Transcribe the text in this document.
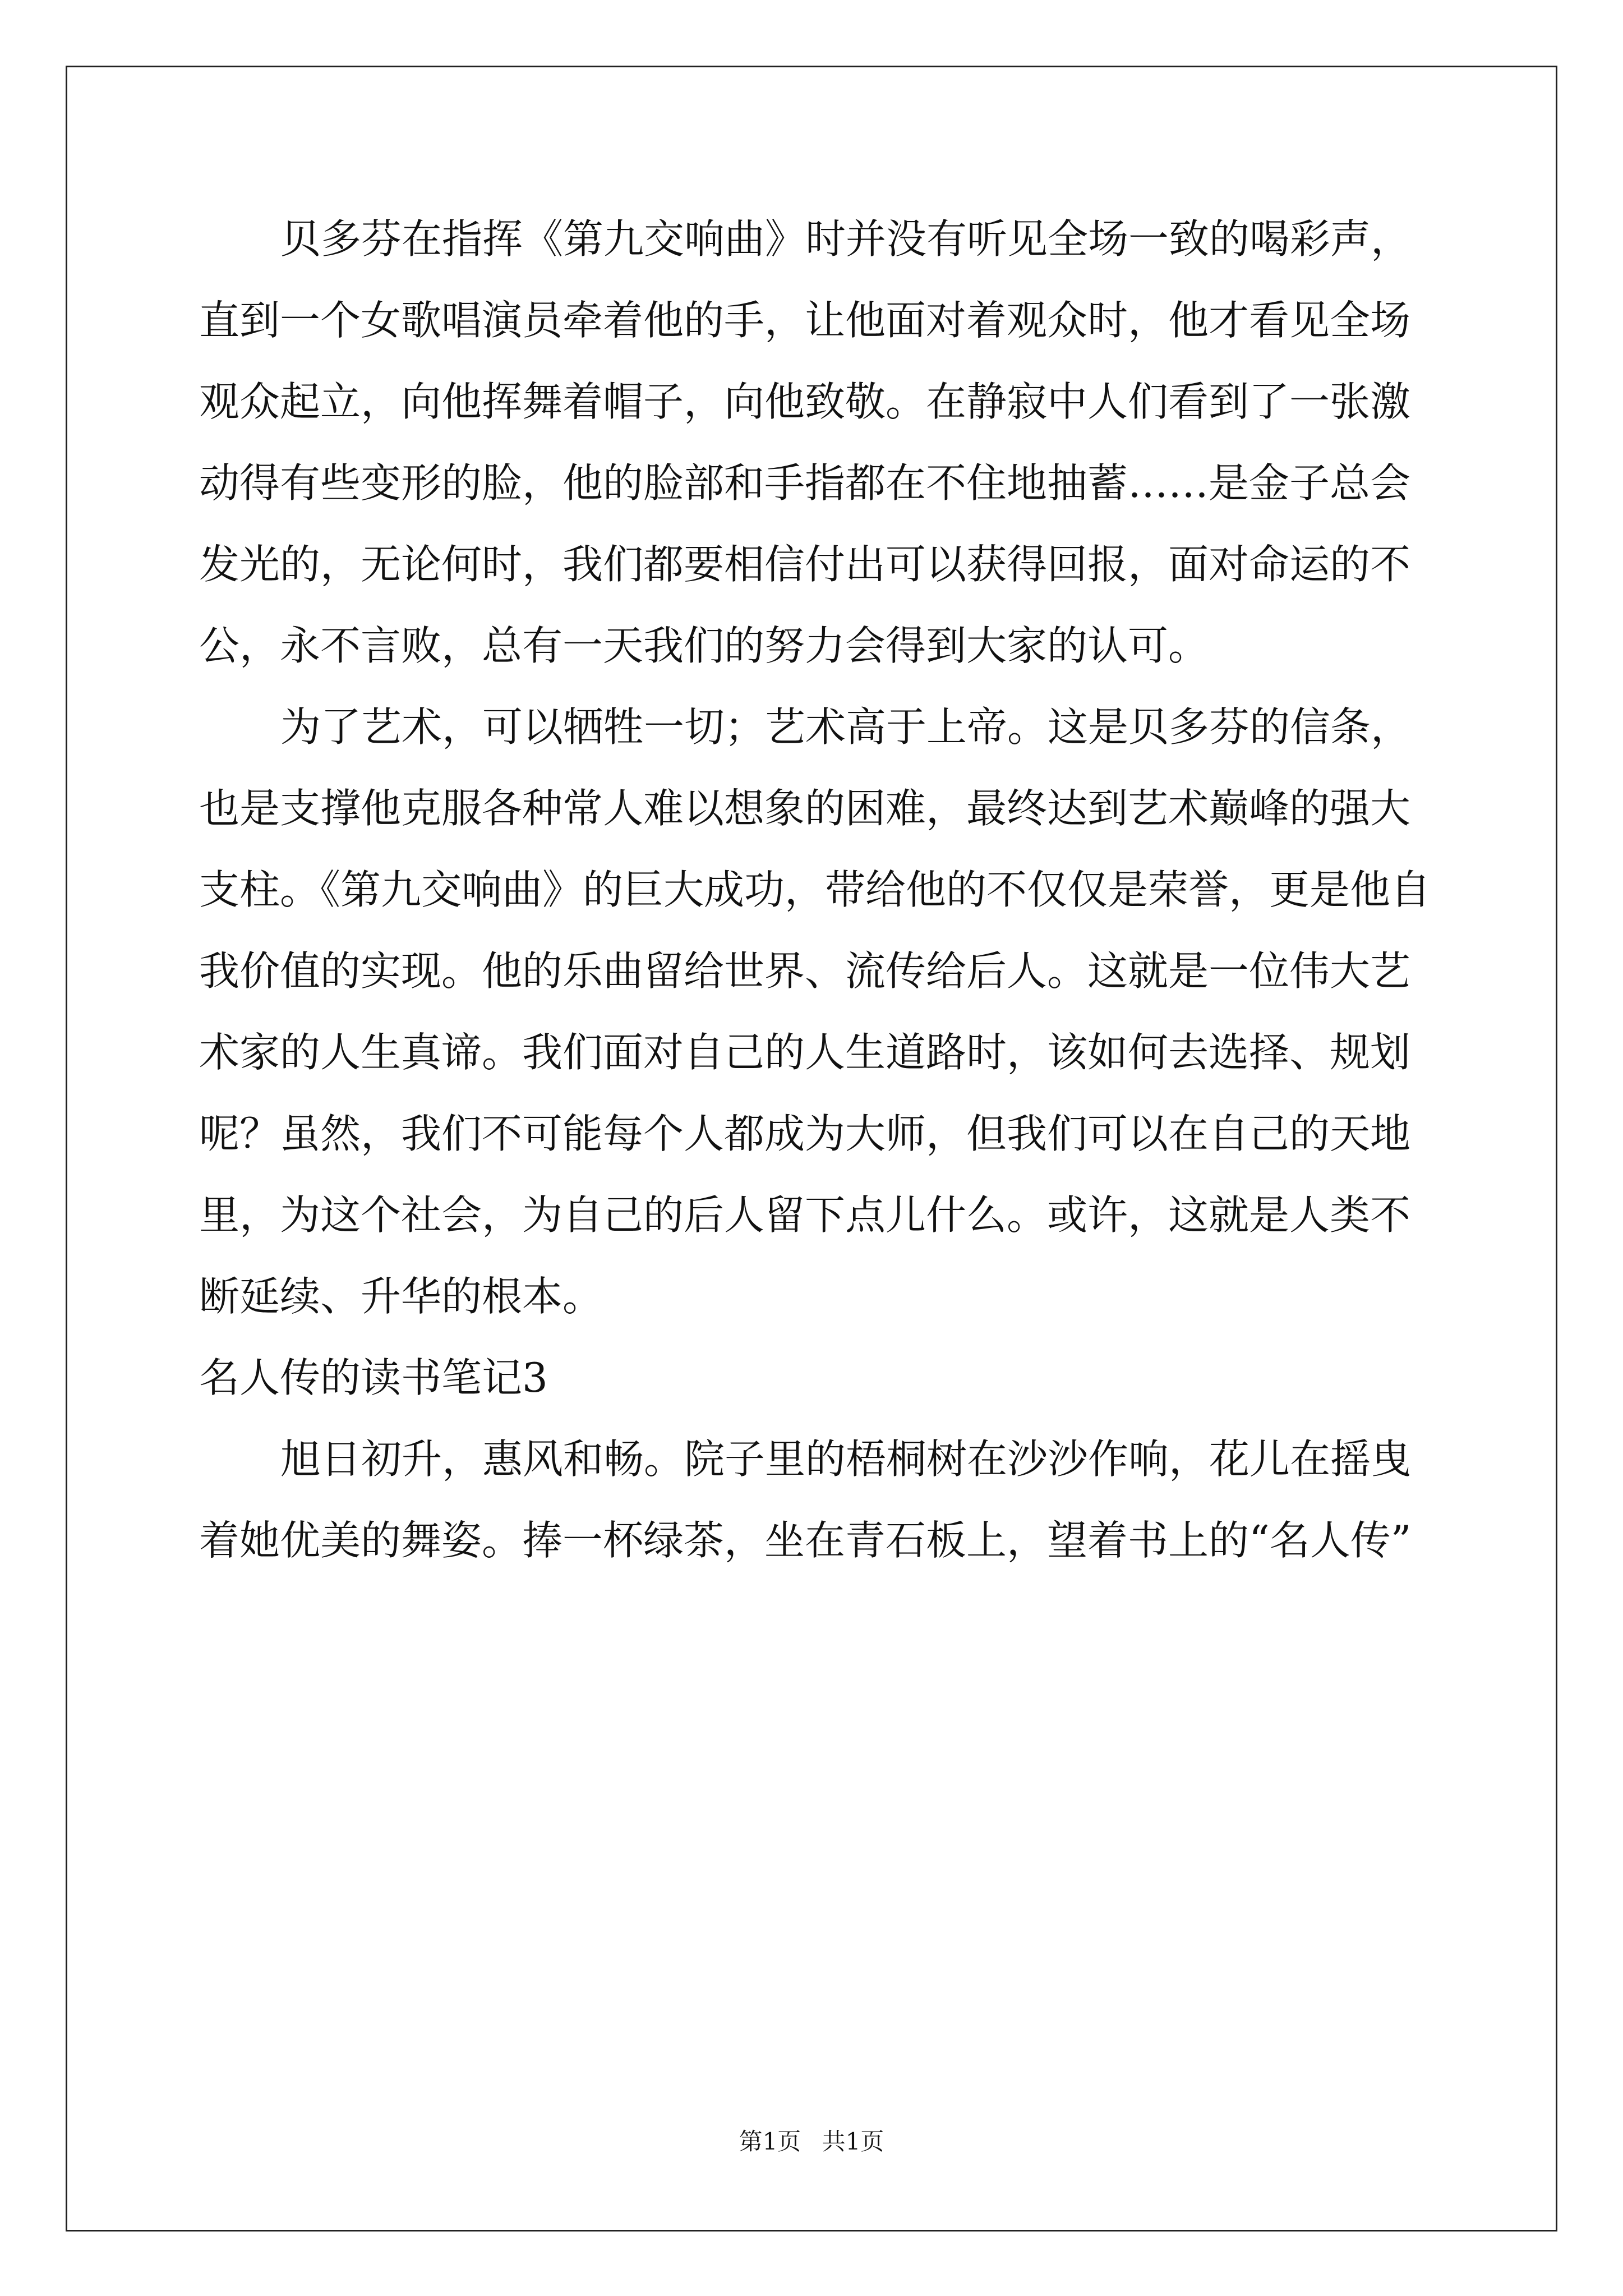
贝多芬在指挥《第九交响曲》时并没有听见全场一致的喝彩声，

直到一个女歌唱演员牵着他的手，让他面对着观众时，他才看见全场

观众起立，向他挥舞着帽子，向他致敬。在静寂中人们看到了一张激

动得有些变形的脸，他的脸部和手指都在不住地抽蓄……是金子总会

发光的，无论何时，我们都要相信付出可以获得回报，面对命运的不

公，永不言败，总有一天我们的努力会得到大家的认可。

为了艺术，可以牺牲一切；艺术高于上帝。这是贝多芬的信条，

也是支撑他克服各种常人难以想象的困难，最终达到艺术巅峰的强大

支柱。《第九交响曲》的巨大成功，带给他的不仅仅是荣誉，更是他自

我价值的实现。他的乐曲留给世界、流传给后人。这就是一位伟大艺

术家的人生真谛。我们面对自己的人生道路时，该如何去选择、规划

呢？虽然，我们不可能每个人都成为大师，但我们可以在自己的天地

里，为这个社会，为自己的后人留下点儿什么。或许，这就是人类不

断延续、升华的根本。

名人传的读书笔记3

旭日初升，惠风和畅。院子里的梧桐树在沙沙作响，花儿在摇曳

着她优美的舞姿。捧一杯绿茶，坐在青石板上，望着书上的“名人传”

第1页 共1页
